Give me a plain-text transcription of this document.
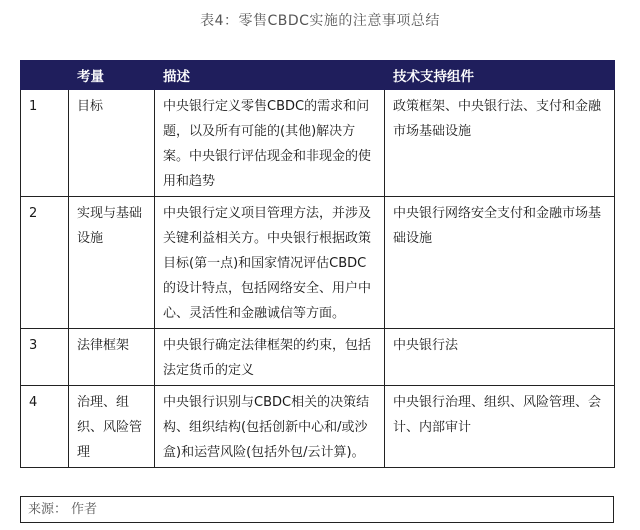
表4：零售CBDC实施的注意事项总结
	考量	描述	技术支持组件
1	目标	中央银行定义零售CBDC的需求和问题，以及所有可能的(其他)解决方案。中央银行评估现金和非现金的使用和趋势	政策框架、中央银行法、支付和金融市场基础设施
2	实现与基础设施	中央银行定义项目管理方法，并涉及关键利益相关方。中央银行根据政策目标(第一点)和国家情况评估CBDC的设计特点，包括网络安全、用户中心、灵活性和金融诚信等方面。	中央银行网络安全支付和金融市场基础设施
3	法律框架	中央银行确定法律框架的约束，包括法定货币的定义	中央银行法
4	治理、组织、风险管理	中央银行识别与CBDC相关的决策结构、组织结构(包括创新中心和/或沙盒)和运营风险(包括外包/云计算)。	中央银行治理、组织、风险管理、会计、内部审计
来源： 作者
